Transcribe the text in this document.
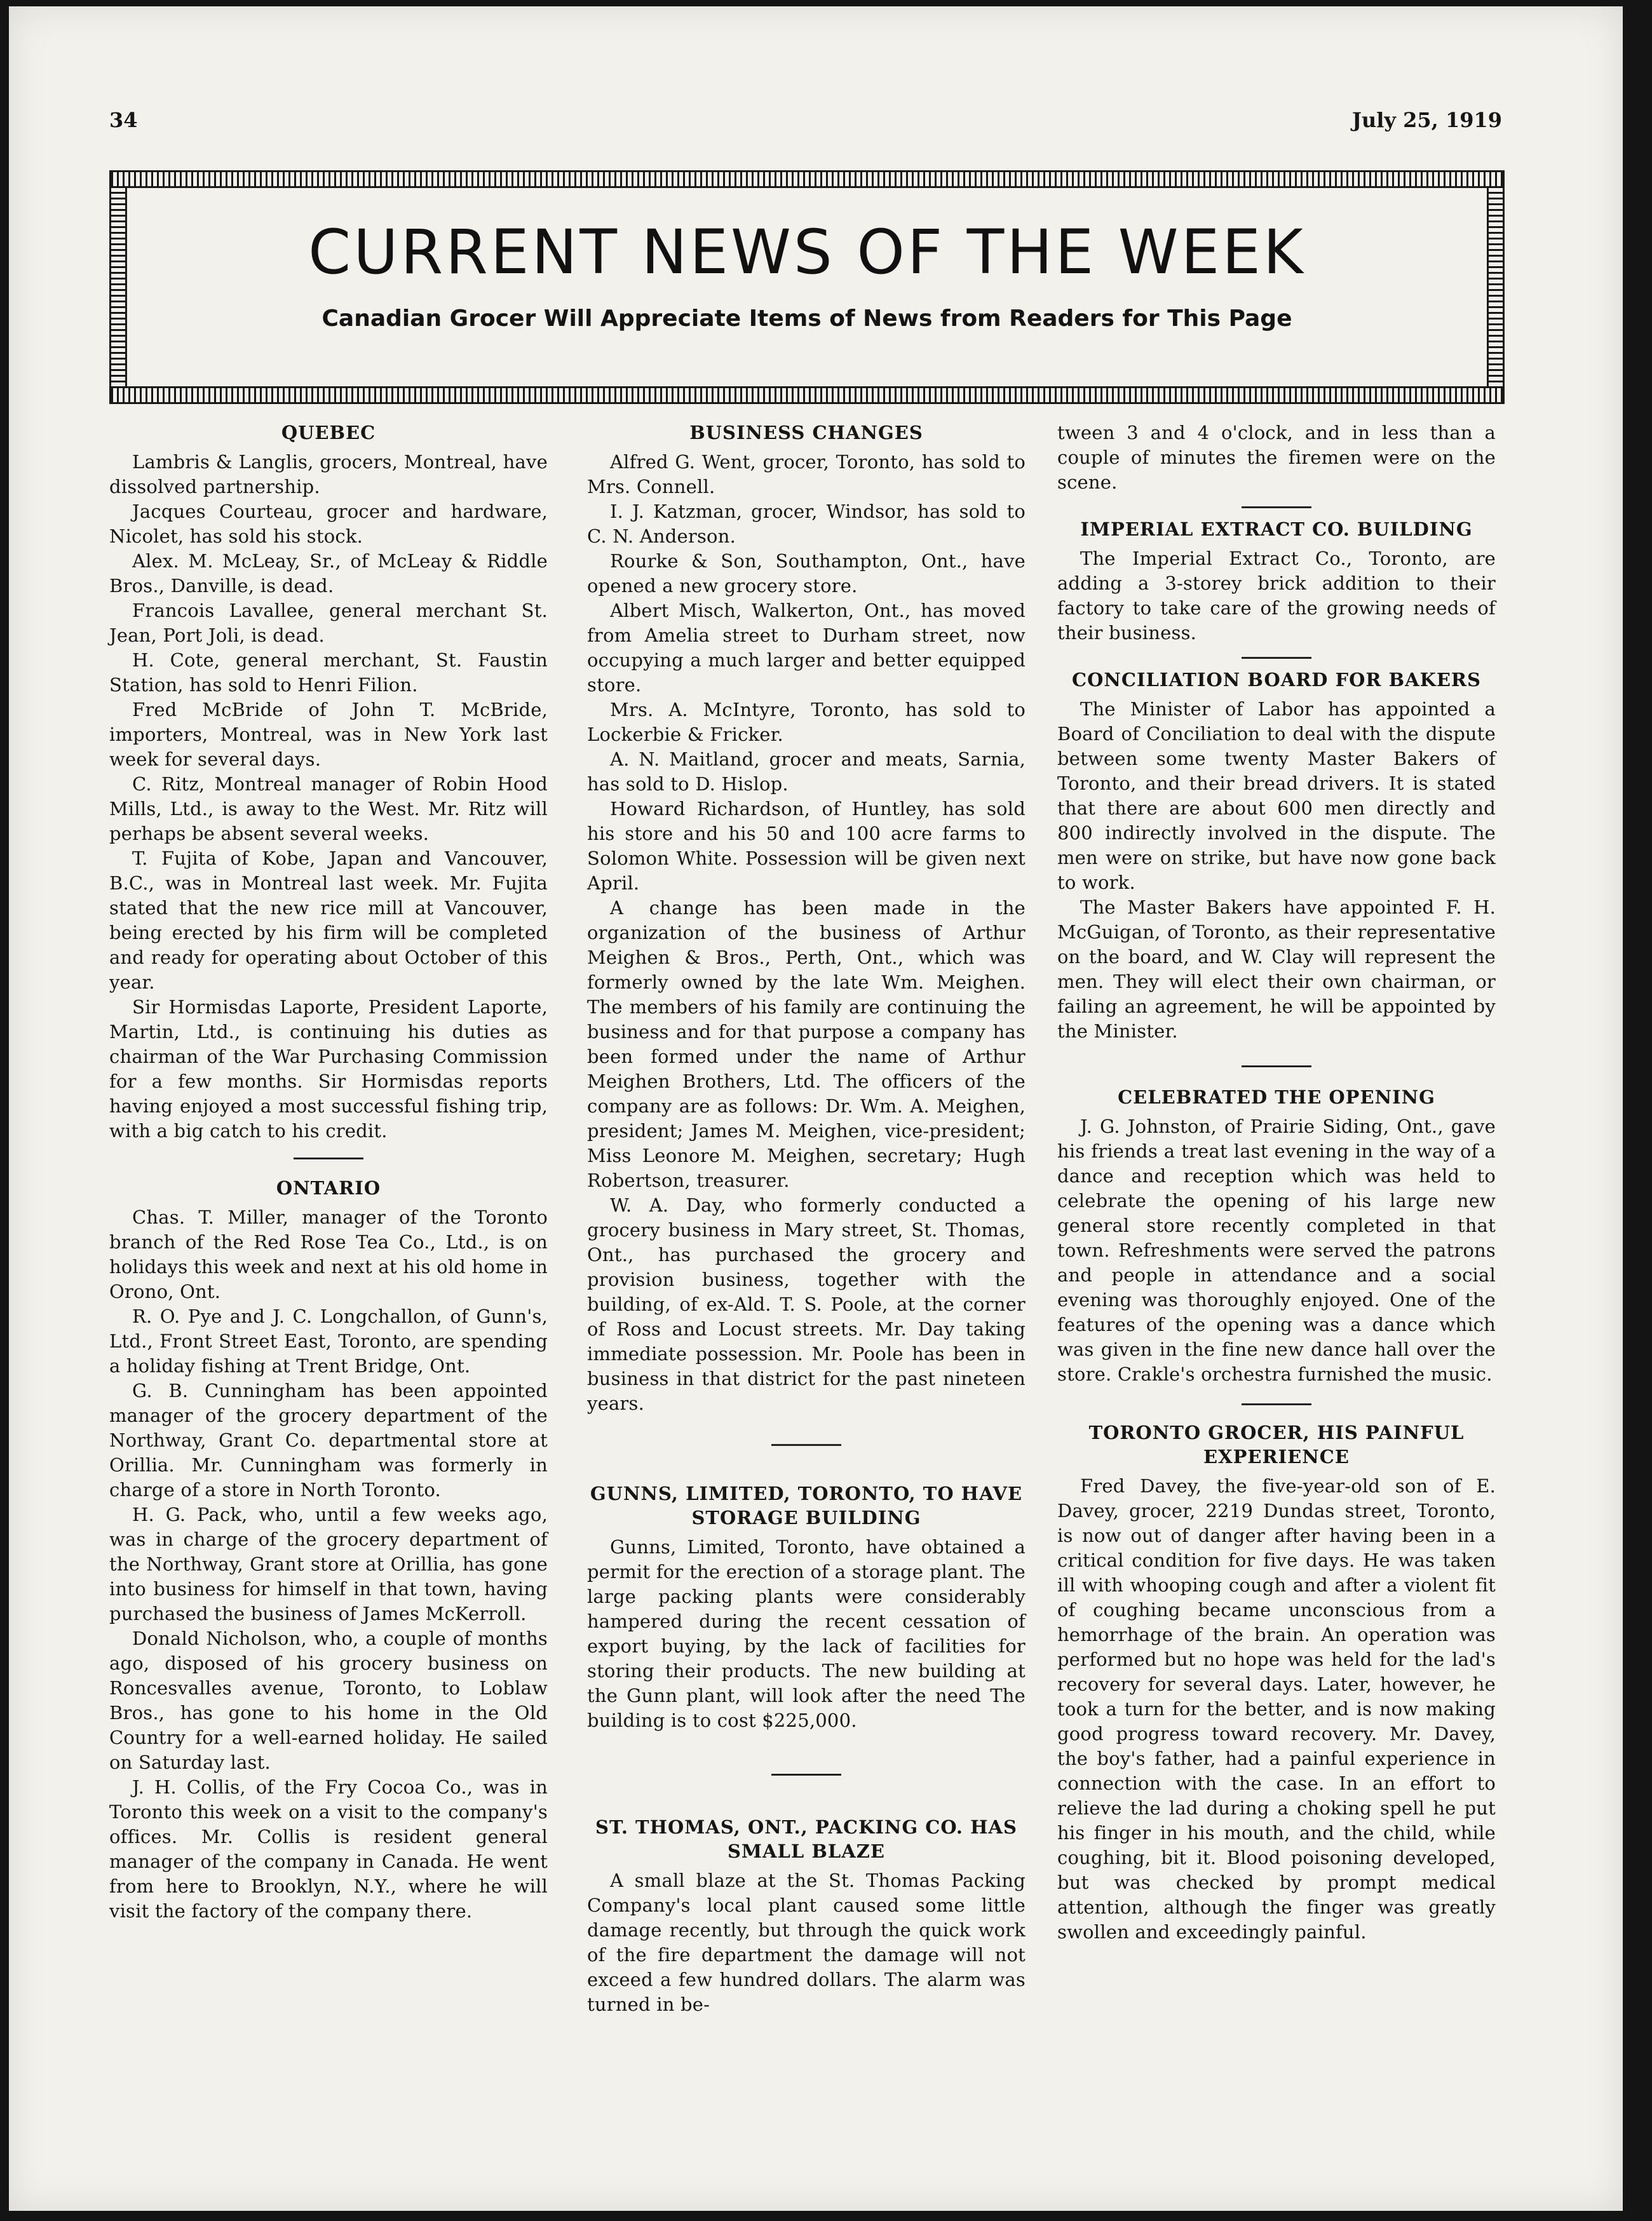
34	July 25, 1919
CURRENT NEWS OF THE WEEK
Canadian Grocer Will Appreciate Items of News from Readers for This Page
QUEBEC

Lambris & Langlis, grocers, Montreal, have dissolved partnership.

Jacques Courteau, grocer and hardware, Nicolet, has sold his stock.

Alex. M. McLeay, Sr., of McLeay & Riddle Bros., Danville, is dead.

Francois Lavallee, general merchant St. Jean, Port Joli, is dead.

H. Cote, general merchant, St. Faustin Station, has sold to Henri Filion.

Fred McBride of John T. McBride, importers, Montreal, was in New York last week for several days.

C. Ritz, Montreal manager of Robin Hood Mills, Ltd., is away to the West. Mr. Ritz will perhaps be absent several weeks.

T. Fujita of Kobe, Japan and Vancouver, B.C., was in Montreal last week. Mr. Fujita stated that the new rice mill at Vancouver, being erected by his firm will be completed and ready for operating about October of this year.

Sir Hormisdas Laporte, President Laporte, Martin, Ltd., is continuing his duties as chairman of the War Purchasing Commission for a few months. Sir Hormisdas reports having enjoyed a most successful fishing trip, with a big catch to his credit.

ONTARIO

Chas. T. Miller, manager of the Toronto branch of the Red Rose Tea Co., Ltd., is on holidays this week and next at his old home in Orono, Ont.

R. O. Pye and J. C. Longchallon, of Gunn's, Ltd., Front Street East, Toronto, are spending a holiday fishing at Trent Bridge, Ont.

G. B. Cunningham has been appointed manager of the grocery department of the Northway, Grant Co. departmental store at Orillia. Mr. Cunningham was formerly in charge of a store in North Toronto.

H. G. Pack, who, until a few weeks ago, was in charge of the grocery department of the Northway, Grant store at Orillia, has gone into business for himself in that town, having purchased the business of James McKerroll.

Donald Nicholson, who, a couple of months ago, disposed of his grocery business on Roncesvalles avenue, Toronto, to Loblaw Bros., has gone to his home in the Old Country for a well-earned holiday. He sailed on Saturday last.

J. H. Collis, of the Fry Cocoa Co., was in Toronto this week on a visit to the company's offices. Mr. Collis is resident general manager of the company in Canada. He went from here to Brooklyn, N.Y., where he will visit the factory of the company there.

BUSINESS CHANGES

Alfred G. Went, grocer, Toronto, has sold to Mrs. Connell.

I. J. Katzman, grocer, Windsor, has sold to C. N. Anderson.

Rourke & Son, Southampton, Ont., have opened a new grocery store.

Albert Misch, Walkerton, Ont., has moved from Amelia street to Durham street, now occupying a much larger and better equipped store.

Mrs. A. McIntyre, Toronto, has sold to Lockerbie & Fricker.

A. N. Maitland, grocer and meats, Sarnia, has sold to D. Hislop.

Howard Richardson, of Huntley, has sold his store and his 50 and 100 acre farms to Solomon White. Possession will be given next April.

A change has been made in the organization of the business of Arthur Meighen & Bros., Perth, Ont., which was formerly owned by the late Wm. Meighen. The members of his family are continuing the business and for that purpose a company has been formed under the name of Arthur Meighen Brothers, Ltd. The officers of the company are as follows: Dr. Wm. A. Meighen, president; James M. Meighen, vice-president; Miss Leonore M. Meighen, secretary; Hugh Robertson, treasurer.

W. A. Day, who formerly conducted a grocery business in Mary street, St. Thomas, Ont., has purchased the grocery and provision business, together with the building, of ex-Ald. T. S. Poole, at the corner of Ross and Locust streets. Mr. Day taking immediate possession. Mr. Poole has been in business in that district for the past nineteen years.

GUNNS, LIMITED, TORONTO, TO HAVE STORAGE BUILDING

Gunns, Limited, Toronto, have obtained a permit for the erection of a storage plant. The large packing plants were considerably hampered during the recent cessation of export buying, by the lack of facilities for storing their products. The new building at the Gunn plant, will look after the need The building is to cost $225,000.

ST. THOMAS, ONT., PACKING CO. HAS SMALL BLAZE

A small blaze at the St. Thomas Packing Company's local plant caused some little damage recently, but through the quick work of the fire department the damage will not exceed a few hundred dollars. The alarm was turned in be-

tween 3 and 4 o'clock, and in less than a couple of minutes the firemen were on the scene.

IMPERIAL EXTRACT CO. BUILDING

The Imperial Extract Co., Toronto, are adding a 3-storey brick addition to their factory to take care of the growing needs of their business.

CONCILIATION BOARD FOR BAKERS

The Minister of Labor has appointed a Board of Conciliation to deal with the dispute between some twenty Master Bakers of Toronto, and their bread drivers. It is stated that there are about 600 men directly and 800 indirectly involved in the dispute. The men were on strike, but have now gone back to work.

The Master Bakers have appointed F. H. McGuigan, of Toronto, as their representative on the board, and W. Clay will represent the men. They will elect their own chairman, or failing an agreement, he will be appointed by the Minister.

CELEBRATED THE OPENING

J. G. Johnston, of Prairie Siding, Ont., gave his friends a treat last evening in the way of a dance and reception which was held to celebrate the opening of his large new general store recently completed in that town. Refreshments were served the patrons and people in attendance and a social evening was thoroughly enjoyed. One of the features of the opening was a dance which was given in the fine new dance hall over the store. Crakle's orchestra furnished the music.

TORONTO GROCER, HIS PAINFUL EXPERIENCE

Fred Davey, the five-year-old son of E. Davey, grocer, 2219 Dundas street, Toronto, is now out of danger after having been in a critical condition for five days. He was taken ill with whooping cough and after a violent fit of coughing became unconscious from a hemorrhage of the brain. An operation was performed but no hope was held for the lad's recovery for several days. Later, however, he took a turn for the better, and is now making good progress toward recovery. Mr. Davey, the boy's father, had a painful experience in connection with the case. In an effort to relieve the lad during a choking spell he put his finger in his mouth, and the child, while coughing, bit it. Blood poisoning developed, but was checked by prompt medical attention, although the finger was greatly swollen and exceedingly painful.
